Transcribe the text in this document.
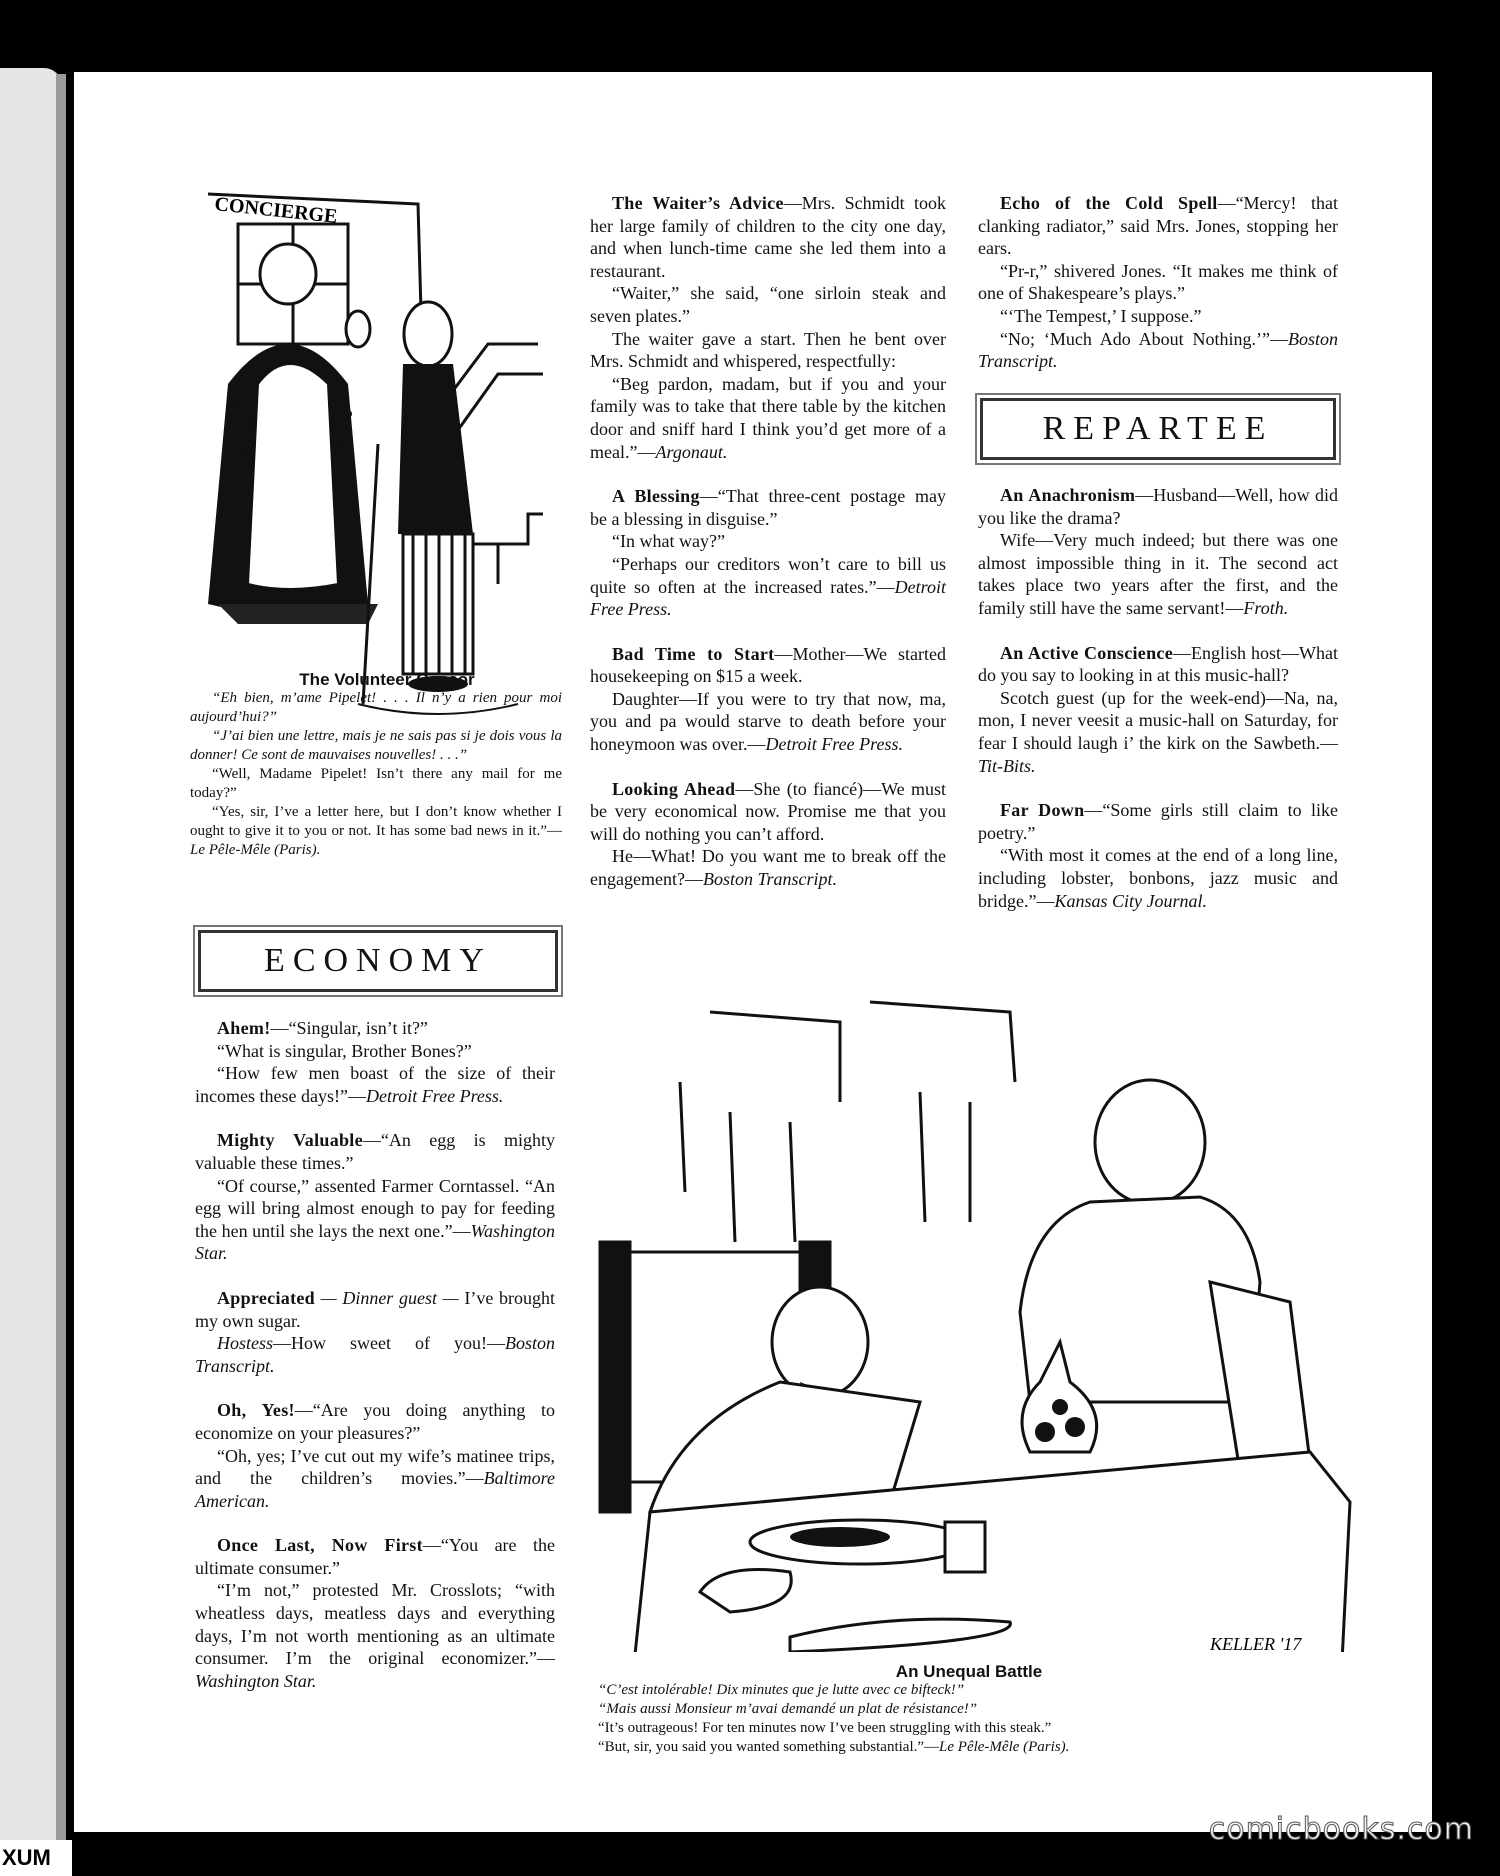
CONCIERGE

The Volunteer Censor

“Eh bien, m’ame Pipelet! . . . Il n’y a rien pour moi aujourd’hui?”

“J’ai bien une lettre, mais je ne sais pas si je dois vous la donner! Ce sont de mauvaises nouvelles! . . .”

“Well, Madame Pipelet! Isn’t there any mail for me today?”

“Yes, sir, I’ve a letter here, but I don’t know whether I ought to give it to you or not. It has some bad news in it.”—Le Pêle-Mêle (Paris).

ECONOMY

Ahem!—“Singular, isn’t it?”

“What is singular, Brother Bones?”

“How few men boast of the size of their incomes these days!”—Detroit Free Press.

Mighty Valuable—“An egg is mighty valuable these times.”

“Of course,” assented Farmer Corntassel. “An egg will bring almost enough to pay for feeding the hen until she lays the next one.”—Washington Star.

Appreciated — Dinner guest — I’ve brought my own sugar.

Hostess—How sweet of you!—Boston Transcript.

Oh, Yes!—“Are you doing anything to economize on your pleasures?”

“Oh, yes; I’ve cut out my wife’s matinee trips, and the children’s movies.”—Baltimore American.

Once Last, Now First—“You are the ultimate consumer.”

“I’m not,” protested Mr. Crosslots; “with wheatless days, meatless days and everything days, I’m not worth mentioning as an ultimate consumer. I’m the original economizer.”—Washington Star.

The Waiter’s Advice—Mrs. Schmidt took her large family of children to the city one day, and when lunch-time came she led them into a restaurant.

“Waiter,” she said, “one sirloin steak and seven plates.”

The waiter gave a start. Then he bent over Mrs. Schmidt and whispered, respectfully:

“Beg pardon, madam, but if you and your family was to take that there table by the kitchen door and sniff hard I think you’d get more of a meal.”—Argonaut.

A Blessing—“That three-cent postage may be a blessing in disguise.”

“In what way?”

“Perhaps our creditors won’t care to bill us quite so often at the increased rates.”—Detroit Free Press.

Bad Time to Start—Mother—We started housekeeping on $15 a week.

Daughter—If you were to try that now, ma, you and pa would starve to death before your honeymoon was over.—Detroit Free Press.

Looking Ahead—She (to fiancé)—We must be very economical now. Promise me that you will do nothing you can’t afford.

He—What! Do you want me to break off the engagement?—Boston Transcript.

Echo of the Cold Spell—“Mercy! that clanking radiator,” said Mrs. Jones, stopping her ears.

“Pr-r,” shivered Jones. “It makes me think of one of Shakespeare’s plays.”

“‘The Tempest,’ I suppose.”

“No; ‘Much Ado About Nothing.’”—Boston Transcript.

REPARTEE

An Anachronism—Husband—Well, how did you like the drama?

Wife—Very much indeed; but there was one almost impossible thing in it. The second act takes place two years after the first, and the family still have the same servant!—Froth.

An Active Conscience—English host—What do you say to looking in at this music-hall?

Scotch guest (up for the week-end)—Na, na, mon, I never veesit a music-hall on Saturday, for fear I should laugh i’ the kirk on the Sawbeth.—Tit-Bits.

Far Down—“Some girls still claim to like poetry.”

“With most it comes at the end of a long line, including lobster, bonbons, jazz music and bridge.”—Kansas City Journal.

KELLER '17

An Unequal Battle

“C’est intolérable! Dix minutes que je lutte avec ce bifteck!”

“Mais aussi Monsieur m’avai demandé un plat de résistance!”

“It’s outrageous! For ten minutes now I’ve been struggling with this steak.”

“But, sir, you said you wanted something substantial.”—Le Pêle-Mêle (Paris).

XUM
comicbooks.com
